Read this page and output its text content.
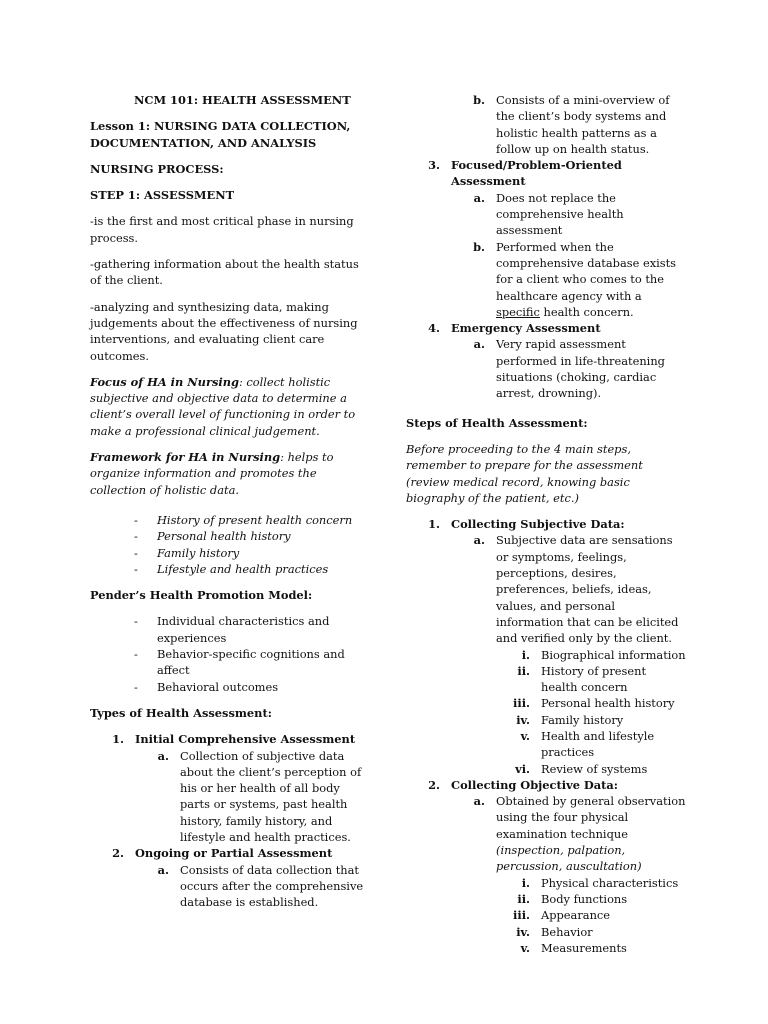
NCM 101: HEALTH ASSESSMENT

Lesson 1: NURSING DATA COLLECTION, DOCUMENTATION, AND ANALYSIS

NURSING PROCESS:

STEP 1: ASSESSMENT

-is the first and most critical phase in nursing process.

-gathering information about the health status of the client.

-analyzing and synthesizing data, making judgements about the effectiveness of nursing interventions, and evaluating client care outcomes.

Focus of HA in Nursing: collect holistic subjective and objective data to determine a client’s overall level of functioning in order to make a professional clinical judgement.

Framework for HA in Nursing: helps to organize information and promotes the collection of holistic data.

-	History of present health concern
-	Personal health history
-	Family history
-	Lifestyle and health practices

Pender’s Health Promotion Model:

-	Individual characteristics and experiences
-	Behavior-specific cognitions and affect
-	Behavioral outcomes

Types of Health Assessment:

1. Initial Comprehensive Assessment
a. Collection of subjective data about the client’s perception of his or her health of all body parts or systems, past health history, family history, and lifestyle and health practices.
2. Ongoing or Partial Assessment
a. Consists of data collection that occurs after the comprehensive database is established.
b. Consists of a mini-overview of the client’s body systems and holistic health patterns as a follow up on health status.
3. Focused/Problem-Oriented Assessment
a. Does not replace the comprehensive health assessment
b. Performed when the comprehensive database exists for a client who comes to the healthcare agency with a specific health concern.
4. Emergency Assessment
a. Very rapid assessment performed in life-threatening situations (choking, cardiac arrest, drowning).

Steps of Health Assessment:

Before proceeding to the 4 main steps, remember to prepare for the assessment (review medical record, knowing basic biography of the patient, etc.)

1. Collecting Subjective Data:
a. Subjective data are sensations or symptoms, feelings, perceptions, desires, preferences, beliefs, ideas, values, and personal information that can be elicited and verified only by the client.
i. Biographical information
ii. History of present health concern
iii. Personal health history
iv. Family history
v. Health and lifestyle practices
vi. Review of systems
2. Collecting Objective Data:
a. Obtained by general observation using the four physical examination technique
(inspection, palpation, percussion, auscultation)
i. Physical characteristics
ii. Body functions
iii. Appearance
iv. Behavior
v. Measurements
